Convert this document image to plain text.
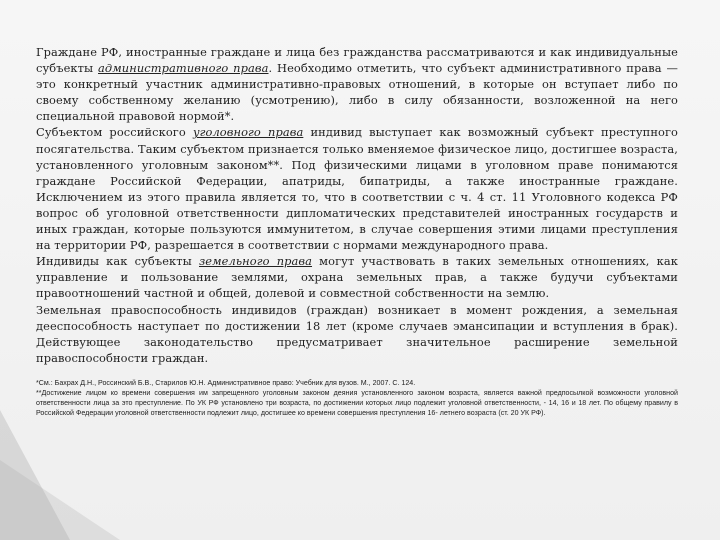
Граждане РФ, иностранные граждане и лица без гражданства рассматриваются и как индивидуальные субъекты административного права. Необходимо отметить, что субъект административного права — это конкретный участник административно-правовых отношений, в которые он вступает либо по своему собственному желанию (усмотрению), либо в силу обязанности, возложенной на него специальной правовой нормой*.

Субъектом российского уголовного права индивид выступает как возможный субъект преступного посягательства. Таким субъектом признается только вменяемое физическое лицо, достигшее возраста, установленного уголовным законом**. Под физическими лицами в уголовном праве понимаются граждане Российской Федерации, апатриды, бипатриды, а также иностранные граждане. Исключением из этого правила является то, что в соответствии с ч. 4 ст. 11 Уголовного кодекса РФ вопрос об уголовной ответственности дипломатических представителей иностранных государств и иных граждан, которые пользуются иммунитетом, в случае совершения этими лицами преступления на территории РФ, разрешается в соответствии с нормами международного права.

Индивиды как субъекты земельного права могут участвовать в таких земельных отношениях, как управление и пользование землями, охрана земельных прав, а также будучи субъектами правоотношений частной и общей, долевой и совместной собственности на землю.

Земельная правоспособность индивидов (граждан) возникает в момент рождения, а земельная дееспособность наступает по достижении 18 лет (кроме случаев эмансипации и вступления в брак). Действующее законодательство предусматривает значительное расширение земельной правоспособности граждан.

*См.: Бахрах Д.Н., Россинский Б.В., Старилов Ю.Н. Административное право: Учебник для вузов. М., 2007. С. 124.

**Достижение лицом ко времени совершения им запрещенного уголовным законом деяния установленного законом возраста, является важной предпосылкой возможности уголовной ответственности лица за это преступление. По УК РФ установлено три возраста, по достижении которых лицо подлежит уголовной ответственности, - 14, 16 и 18 лет. По общему правилу в Российской Федерации уголовной ответственности подлежит лицо, достигшее ко времени совершения преступления 16- летнего возраста (ст. 20 УК РФ).
